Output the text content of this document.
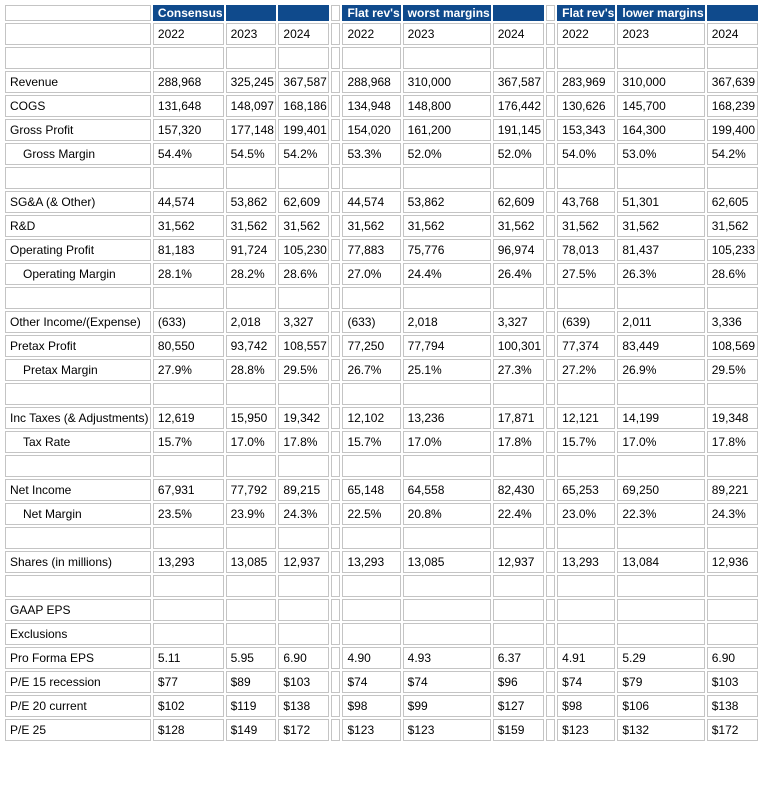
	Consensus				Flat rev's	worst margins			Flat rev's	lower margins	
	2022	2023	2024		2022	2023	2024		2022	2023	2024

Revenue	288,968	325,245	367,587		288,968	310,000	367,587		283,969	310,000	367,639
COGS	131,648	148,097	168,186		134,948	148,800	176,442		130,626	145,700	168,239
Gross Profit	157,320	177,148	199,401		154,020	161,200	191,145		153,343	164,300	199,400
Gross Margin	54.4%	54.5%	54.2%		53.3%	52.0%	52.0%		54.0%	53.0%	54.2%

SG&A (& Other)	44,574	53,862	62,609		44,574	53,862	62,609		43,768	51,301	62,605
R&D	31,562	31,562	31,562		31,562	31,562	31,562		31,562	31,562	31,562
Operating Profit	81,183	91,724	105,230		77,883	75,776	96,974		78,013	81,437	105,233
Operating Margin	28.1%	28.2%	28.6%		27.0%	24.4%	26.4%		27.5%	26.3%	28.6%

Other Income/(Expense)	(633)	2,018	3,327		(633)	2,018	3,327		(639)	2,011	3,336
Pretax Profit	80,550	93,742	108,557		77,250	77,794	100,301		77,374	83,449	108,569
Pretax Margin	27.9%	28.8%	29.5%		26.7%	25.1%	27.3%		27.2%	26.9%	29.5%

Inc Taxes (& Adjustments)	12,619	15,950	19,342		12,102	13,236	17,871		12,121	14,199	19,348
Tax Rate	15.7%	17.0%	17.8%		15.7%	17.0%	17.8%		15.7%	17.0%	17.8%

Net Income	67,931	77,792	89,215		65,148	64,558	82,430		65,253	69,250	89,221
Net Margin	23.5%	23.9%	24.3%		22.5%	20.8%	22.4%		23.0%	22.3%	24.3%

Shares (in millions)	13,293	13,085	12,937		13,293	13,085	12,937		13,293	13,084	12,936

GAAP EPS											
Exclusions											
Pro Forma EPS	5.11	5.95	6.90		4.90	4.93	6.37		4.91	5.29	6.90
P/E 15 recession	$77	$89	$103		$74	$74	$96		$74	$79	$103
P/E 20 current	$102	$119	$138		$98	$99	$127		$98	$106	$138
P/E 25	$128	$149	$172		$123	$123	$159		$123	$132	$172
